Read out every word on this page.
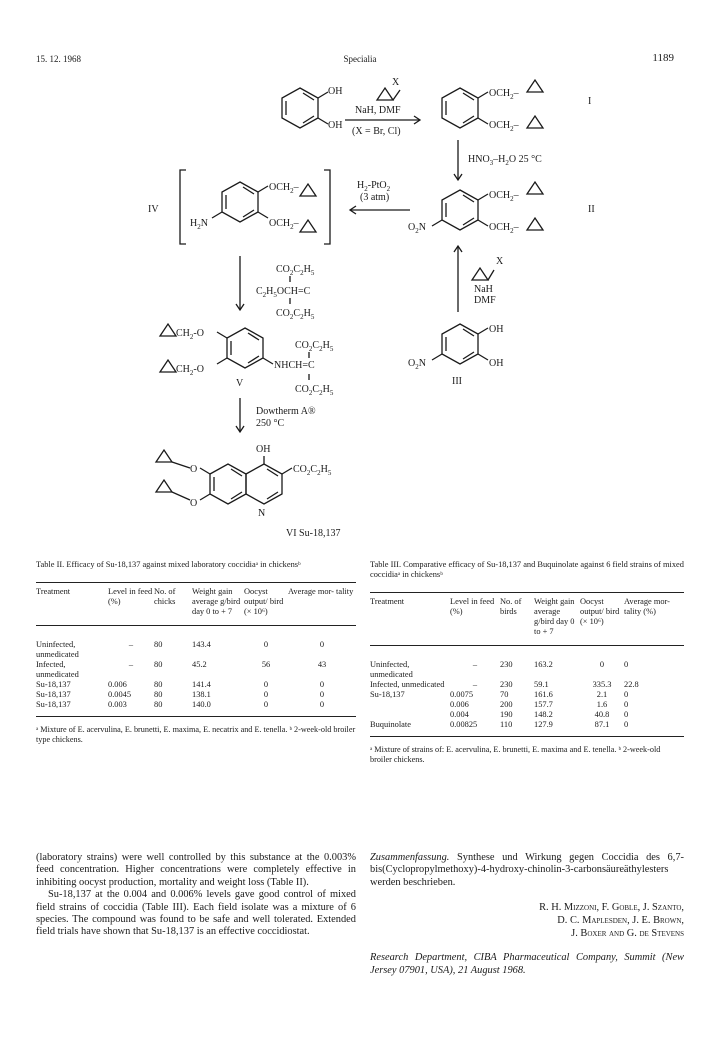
15. 12. 1968	Specialia	1189
OH
OH
X
NaH, DMF
(X = Br, Cl)
$OCH_2-$
$OCH_2-$
I
$HNO_3-H_2O$ 25 °C
$OCH_2-$
$OCH_2-$
$O_2N$
II
$H_2-PtO_2$
(3 atm)
$OCH_2-$
$OCH_2-$
$H_2N$
IV
$CO_2C_2H_5$
$C_2H_5OCH=C$
$CO_2C_2H_5$
X
NaH
DMF
OH
OH
$O_2N$
III
$CH_2-O$
$CH_2-O$	NHCH=C
$CO_2C_2H_5$
$CO_2C_2H_5$
V
Dowtherm A®
250 °C
OH
$CO_2C_2H_5$
O
O
N
VI Su-18,137
Table II. Efficacy of Su-18,137 against mixed laboratory coccidiaᵃ in chickensᵇ
Treatment	Level in feed (%)	No. of chicks	Weight gain average g/bird day 0 to + 7	Oocyst output/ bird (× 10⁶)	Average mor- tality
Uninfected, unmedicated	–	80	143.4	0	0
Infected, unmedicated	–	80	45.2	56	43
Su-18,137	0.006	80	141.4	0	0
Su-18,137	0.0045	80	138.1	0	0
Su-18,137	0.003	80	140.0	0	0
ᵃ Mixture of E. acervulina, E. brunetti, E. maxima, E. necatrix and E. tenella. ᵇ 2-week-old broiler type chickens.
Table III. Comparative efficacy of Su-18,137 and Buquinolate against 6 field strains of mixed coccidiaᵃ in chickensᵇ
Treatment	Level in feed (%)	No. of birds	Weight gain average g/bird day 0 to + 7	Oocyst output/ bird (× 10⁶)	Average mor- tality (%)
Uninfected, unmedicated	–	230	163.2	0	0
Infected, unmedicated	–	230	59.1	335.3	22.8
Su-18,137	0.0075	70	161.6	2.1	0
	0.006	200	157.7	1.6	0
	0.004	190	148.2	40.8	0
Buquinolate	0.00825	110	127.9	87.1	0
ᵃ Mixture of strains of: E. acervulina, E. brunetti, E. maxima and E. tenella. ᵇ 2-week-old broiler chickens.
(laboratory strains) were well controlled by this substance at the 0.003% feed concentration. Higher concentrations were completely effective in inhibiting oocyst production, mortality and weight loss (Table II).
Su-18,137 at the 0.004 and 0.006% levels gave good control of mixed field strains of coccidia (Table III). Each field isolate was a mixture of 6 species. The compound was found to be safe and well tolerated. Extended field trials have shown that Su-18,137 is an effective coccidiostat.
Zusammenfassung. Synthese und Wirkung gegen Coccidia des 6,7-bis(Cyclopropylmethoxy)-4-hydroxy-chinolin-3-carbonsäureäthylesters werden beschrieben.
R. H. Mizzoni, F. Goble, J. Szanto,
D. C. Maplesden, J. E. Brown,
J. Boxer and G. de Stevens
Research Department, CIBA Pharmaceutical Company, Summit (New Jersey 07901, USA), 21 August 1968.
